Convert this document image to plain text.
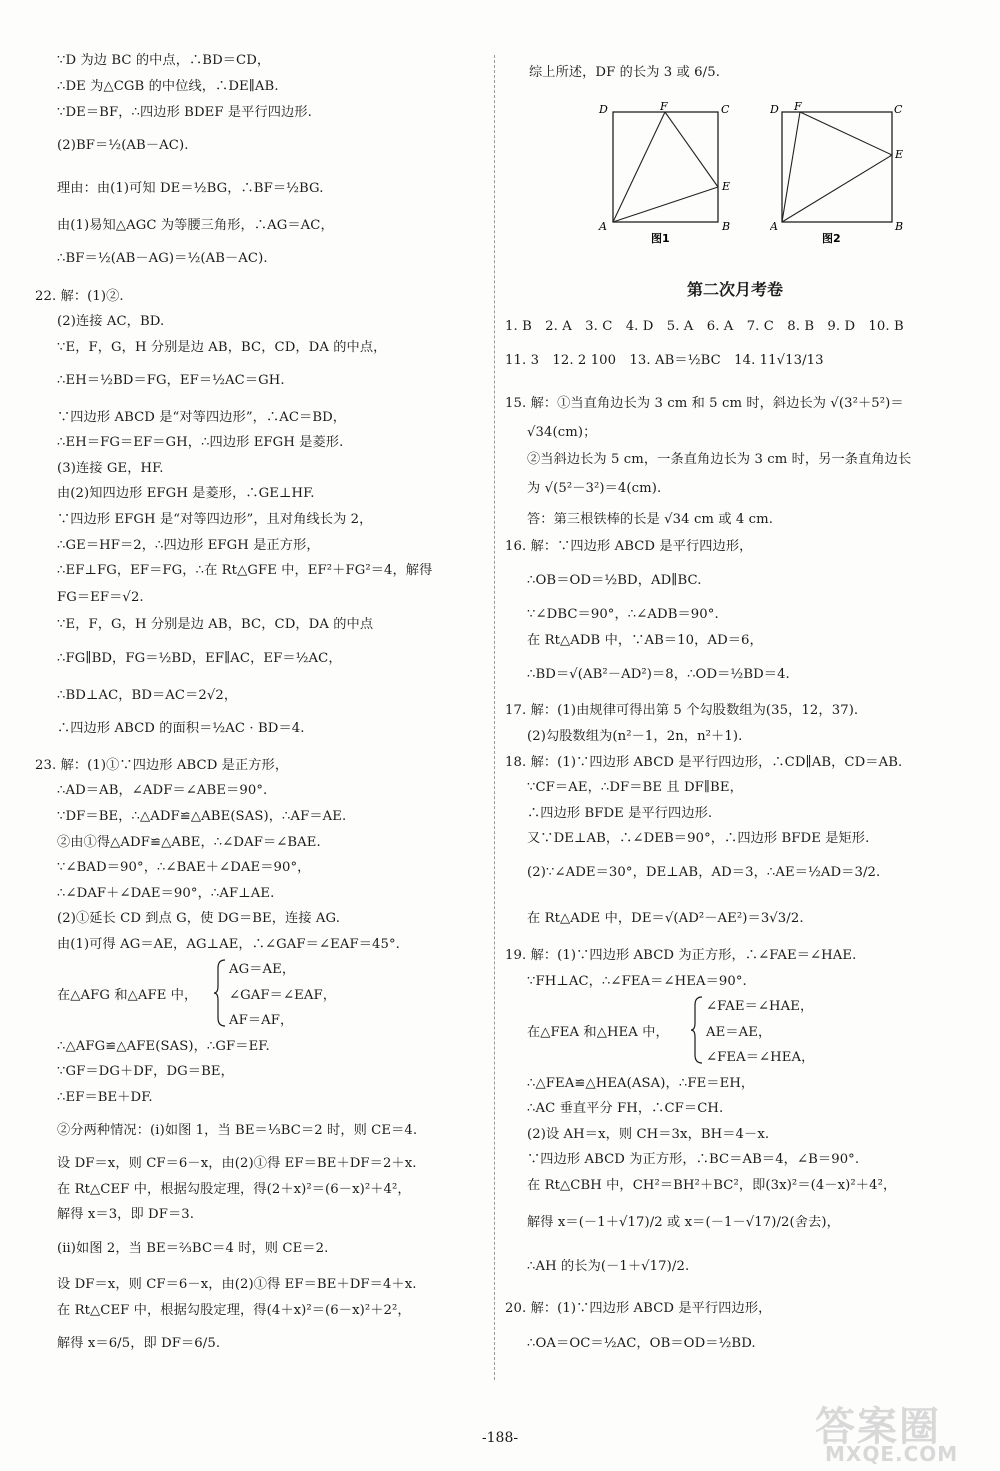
∵D 为边 BC 的中点，∴BD＝CD，
∴DE 为△CGB 的中位线，∴DE∥AB.
∵DE＝BF，∴四边形 BDEF 是平行四边形.
(2)BF＝½(AB－AC).
理由：由(1)可知 DE＝½BG，∴BF＝½BG.
由(1)易知△AGC 为等腰三角形，∴AG＝AC，
∴BF＝½(AB－AG)＝½(AB－AC).
22. 解：(1)②.
(2)连接 AC，BD.
∵E，F，G，H 分别是边 AB，BC，CD，DA 的中点，
∴EH＝½BD＝FG，EF＝½AC＝GH.
∵四边形 ABCD 是“对等四边形”，∴AC＝BD，
∴EH＝FG＝EF＝GH，∴四边形 EFGH 是菱形.
(3)连接 GE，HF.
由(2)知四边形 EFGH 是菱形，∴GE⊥HF.
∵四边形 EFGH 是“对等四边形”，且对角线长为 2，
∴GE＝HF＝2，∴四边形 EFGH 是正方形，
∴EF⊥FG，EF＝FG，∴在 Rt△GFE 中，EF²＋FG²＝4，解得
FG＝EF＝√2.
∵E，F，G，H 分别是边 AB，BC，CD，DA 的中点
∴FG∥BD，FG＝½BD，EF∥AC，EF＝½AC，
∴BD⊥AC，BD＝AC＝2√2，
∴四边形 ABCD 的面积＝½AC · BD＝4.
23. 解：(1)①∵四边形 ABCD 是正方形，
∴AD＝AB，∠ADF＝∠ABE＝90°.
∵DF＝BE，∴△ADF≌△ABE(SAS)，∴AF＝AE.
②由①得△ADF≌△ABE，∴∠DAF＝∠BAE.
∵∠BAD＝90°，∴∠BAE＋∠DAE＝90°，
∴∠DAF＋∠DAE＝90°，∴AF⊥AE.
(2)①延长 CD 到点 G，使 DG＝BE，连接 AG.
由(1)可得 AG＝AE，AG⊥AE，∴∠GAF＝∠EAF＝45°.
在△AFG 和△AFE 中，
AG＝AE，
∠GAF＝∠EAF，
AF＝AF，
∴△AFG≌△AFE(SAS)，∴GF＝EF.
∵GF＝DG＋DF，DG＝BE，
∴EF＝BE＋DF.
②分两种情况：(ⅰ)如图 1，当 BE＝⅓BC＝2 时，则 CE＝4.
设 DF＝x，则 CF＝6－x，由(2)①得 EF＝BE＋DF＝2＋x.
在 Rt△CEF 中，根据勾股定理，得(2＋x)²＝(6－x)²＋4²，
解得 x＝3，即 DF＝3.
(ⅱ)如图 2，当 BE＝⅔BC＝4 时，则 CE＝2.
设 DF＝x，则 CF＝6－x，由(2)①得 EF＝BE＋DF＝4＋x.
在 Rt△CEF 中，根据勾股定理，得(4＋x)²＝(6－x)²＋2²，
解得 x＝6/5，即 DF＝6/5.
综上所述，DF 的长为 3 或 6/5.
D	F	C
E
A	B
图1
D F	C
E
A	B
图2
第二次月考卷
1. B　2. A　3. C　4. D　5. A　6. A　7. C　8. B　9. D　10. B
11. 3　12. 2 100　13. AB＝½BC　14. 11√13/13
15. 解：①当直角边长为 3 cm 和 5 cm 时，斜边长为 √(3²＋5²)＝
√34(cm)；
②当斜边长为 5 cm，一条直角边长为 3 cm 时，另一条直角边长
为 √(5²－3²)＝4(cm).
答：第三根铁棒的长是 √34 cm 或 4 cm.
16. 解：∵四边形 ABCD 是平行四边形，
∴OB＝OD＝½BD，AD∥BC.
∵∠DBC＝90°，∴∠ADB＝90°.
在 Rt△ADB 中，∵AB＝10，AD＝6，
∴BD＝√(AB²－AD²)＝8，∴OD＝½BD＝4.
17. 解：(1)由规律可得出第 5 个勾股数组为(35，12，37).
(2)勾股数组为(n²－1，2n，n²＋1).
18. 解：(1)∵四边形 ABCD 是平行四边形，∴CD∥AB，CD＝AB.
∵CF＝AE，∴DF＝BE 且 DF∥BE，
∴四边形 BFDE 是平行四边形.
又∵DE⊥AB，∴∠DEB＝90°，∴四边形 BFDE 是矩形.
(2)∵∠ADE＝30°，DE⊥AB，AD＝3，∴AE＝½AD＝3/2.
在 Rt△ADE 中，DE＝√(AD²－AE²)＝3√3/2.
19. 解：(1)∵四边形 ABCD 为正方形，∴∠FAE＝∠HAE.
∵FH⊥AC，∴∠FEA＝∠HEA＝90°.
在△FEA 和△HEA 中，
∠FAE＝∠HAE，
AE＝AE，
∠FEA＝∠HEA，
∴△FEA≌△HEA(ASA)，∴FE＝EH，
∴AC 垂直平分 FH，∴CF＝CH.
(2)设 AH＝x，则 CH＝3x，BH＝4－x.
∵四边形 ABCD 为正方形，∴BC＝AB＝4，∠B＝90°.
在 Rt△CBH 中，CH²＝BH²＋BC²，即(3x)²＝(4－x)²＋4²，
解得 x＝(－1＋√17)/2 或 x＝(－1－√17)/2(舍去)，
∴AH 的长为(－1＋√17)/2.
20. 解：(1)∵四边形 ABCD 是平行四边形，
∴OA＝OC＝½AC，OB＝OD＝½BD.
-188-	答案圈
MXQE.COM
